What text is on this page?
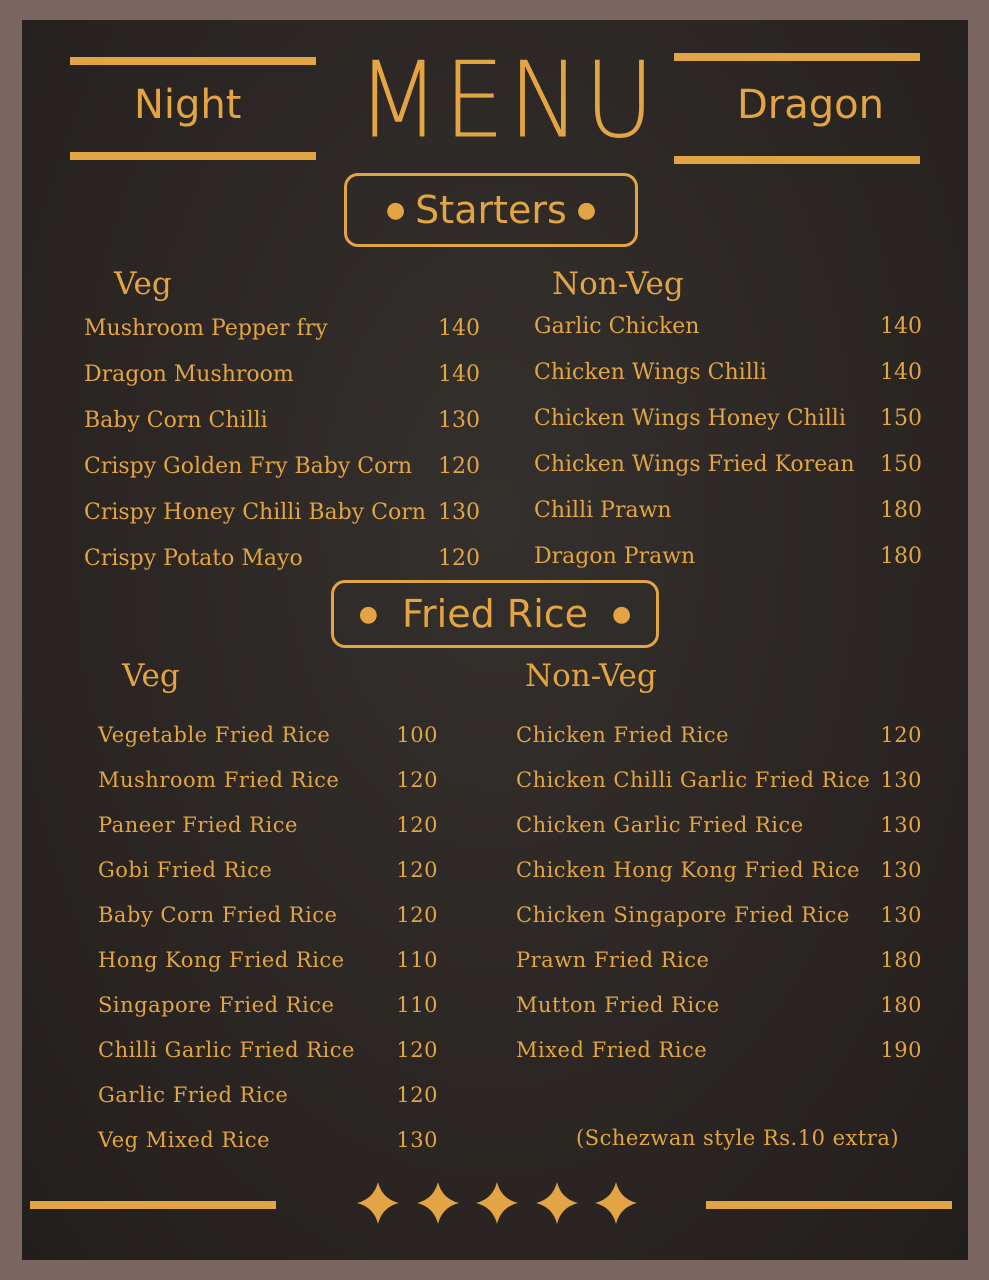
Night	Dragon
MENU
● Starters ●
Veg	Non-Veg
Mushroom Pepper fry	140
Dragon Mushroom	140
Baby Corn Chilli	130
Crispy Golden Fry Baby Corn 120
Crispy Honey Chilli Baby Corn 130
Crispy Potato Mayo	120
Garlic Chicken	140
Chicken Wings Chilli	140
Chicken Wings Honey Chilli 150
Chicken Wings Fried Korean 150
Chilli Prawn	180
Dragon Prawn	180
● Fried Rice ●
Veg	Non-Veg
Vegetable Fried Rice	100
Mushroom Fried Rice	120
Paneer Fried Rice	120
Gobi Fried Rice	120
Baby Corn Fried Rice	120
Hong Kong Fried Rice 110
Singapore Fried Rice	110
Chilli Garlic Fried Rice 120
Garlic Fried Rice	120
Veg Mixed Rice	130
Chicken Fried Rice	120
Chicken Chilli Garlic Fried Rice 130
Chicken Garlic Fried Rice	130
Chicken Hong Kong Fried Rice 130
Chicken Singapore Fried Rice 130
Prawn Fried Rice	180
Mutton Fried Rice	180
Mixed Fried Rice	190
(Schezwan style Rs.10 extra)
